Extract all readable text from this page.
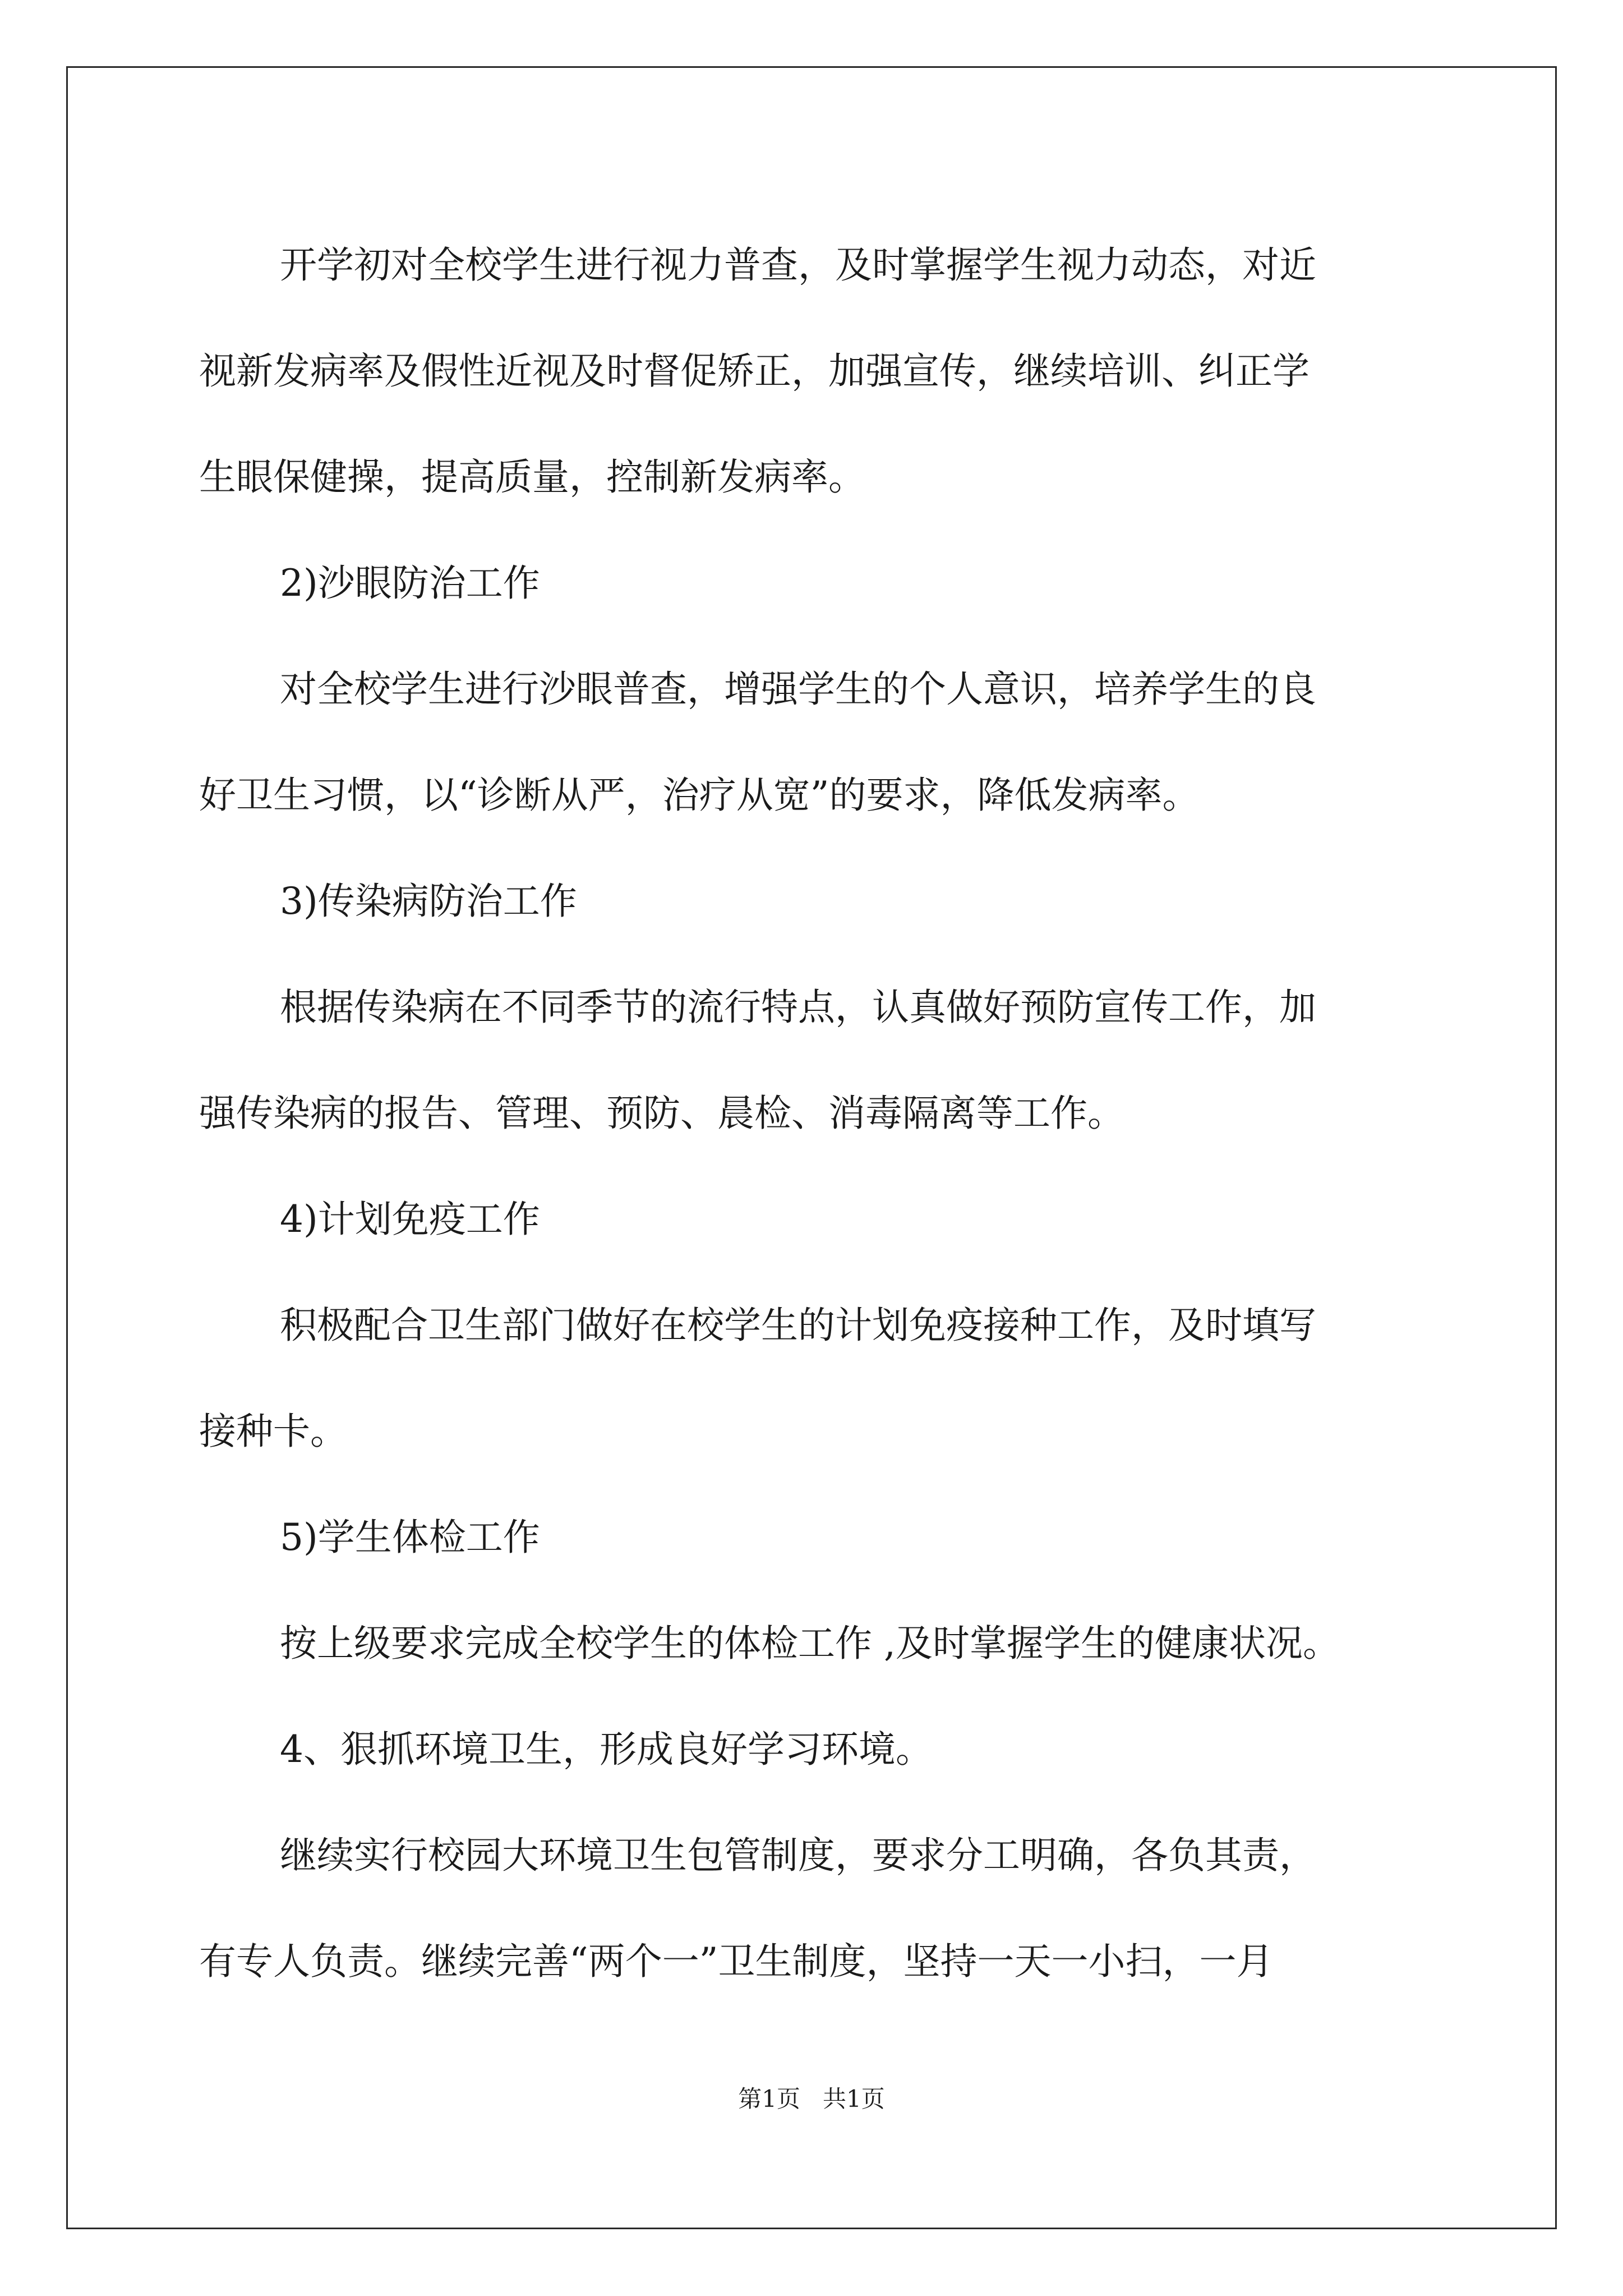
开学初对全校学生进行视力普查，及时掌握学生视力动态，对近

视新发病率及假性近视及时督促矫正，加强宣传，继续培训、纠正学

生眼保健操，提高质量，控制新发病率。

2)沙眼防治工作

对全校学生进行沙眼普查，增强学生的个人意识，培养学生的良

好卫生习惯，以“诊断从严，治疗从宽”的要求，降低发病率。

3)传染病防治工作

根据传染病在不同季节的流行特点，认真做好预防宣传工作，加

强传染病的报告、管理、预防、晨检、消毒隔离等工作。

4)计划免疫工作

积极配合卫生部门做好在校学生的计划免疫接种工作，及时填写

接种卡。

5)学生体检工作

按上级要求完成全校学生的体检工作 ,及时掌握学生的健康状况。

4、狠抓环境卫生，形成良好学习环境。

继续实行校园大环境卫生包管制度，要求分工明确，各负其责，

有专人负责。继续完善“两个一”卫生制度，坚持一天一小扫，一月

第1页   共1页
